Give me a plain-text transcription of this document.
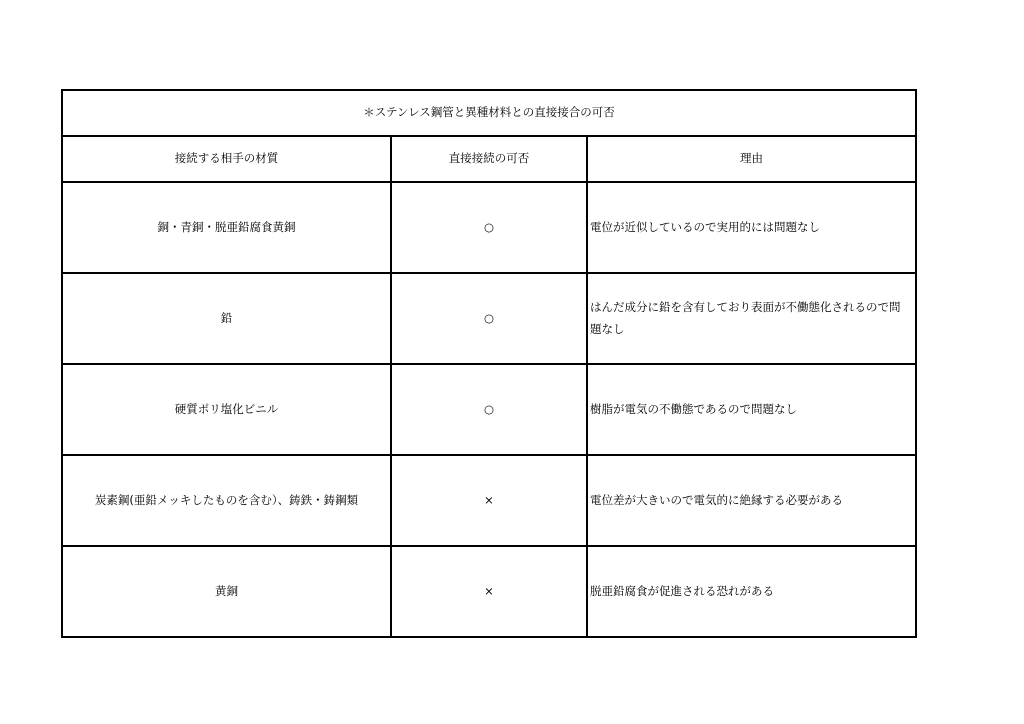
＊ステンレス鋼管と異種材料との直接接合の可否		
接続する相手の材質	直接接続の可否	理由
銅・青銅・脱亜鉛腐食黄銅	○	電位が近似しているので実用的には問題なし
鉛	○	はんだ成分に鉛を含有しており表面が不働態化されるので問題なし
硬質ポリ塩化ビニル	○	樹脂が電気の不働態であるので問題なし
炭素鋼(亜鉛メッキしたものを含む）、鋳鉄・鋳鋼類	×	電位差が大きいので電気的に絶縁する必要がある
黄銅	×	脱亜鉛腐食が促進される恐れがある
